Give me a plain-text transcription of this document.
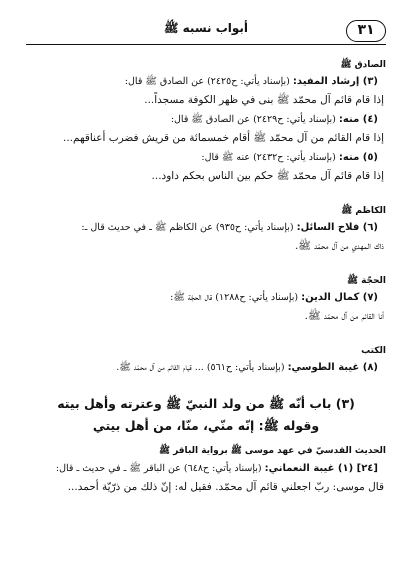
٣١
أبواب نسبه ﷺ
الصادق ﷺ
(٣) إرشاد المفيد: (بإسناد يأتي: ح٢٤٢٥) عن الصادق ﷺ قال:
إذا قام قائم آل محمّد ﷺ بنى في ظهر الكوفة مسجداً...
(٤) منه: (بإسناد يأتي: ح٢٤٢٩) عن الصادق ﷺ قال:
إذا قام القائم من آل محمّد ﷺ أقام خمسمائة من قريش فضرب أعناقهم...
(٥) منه: (بإسناد يأتي: ح٢٤٣٢) عنه ﷺ قال:
إذا قام قائم آل محمّد ﷺ حكم بين الناس بحكم داود...
الكاظم ﷺ
(٦) فلاح السائل: (بإسناد يأتي: ح٩٣٥) عن الكاظم ﷺ ـ في حديث قال ـ:
ذاك المهدي من آل محمّد ﷺ.
الحجّة ﷺ
(٧) كمال الدين: (بإسناد يأتي: ح١٢٨٨) قال الحجّة ﷺ:
أنا القائم من آل محمّد ﷺ.
الكتب
(٨) غيبة الطوسي: (بإسناد يأتي: ح٥٦١) ... قيام القائم من آل محمّد ﷺ.
(٣) باب أنّه ﷺ من ولد النبيّ ﷺ وعترته وأهل بيته
وقوله ﷺ: إنّه منّي، منّا، من أهل بيتي
الحديث القدسيّ في عهد موسى ﷺ برواية الباقر ﷺ
[٢٤] (١) غيبة النعماني: (بإسناد يأتي: ح٦٤٨) عن الباقر ﷺ ـ في حديث ـ قال:
قال موسى: ربّ اجعلني قائم آل محمّد. فقيل له: إنّ ذلك من ذرّيّة أحمد...
